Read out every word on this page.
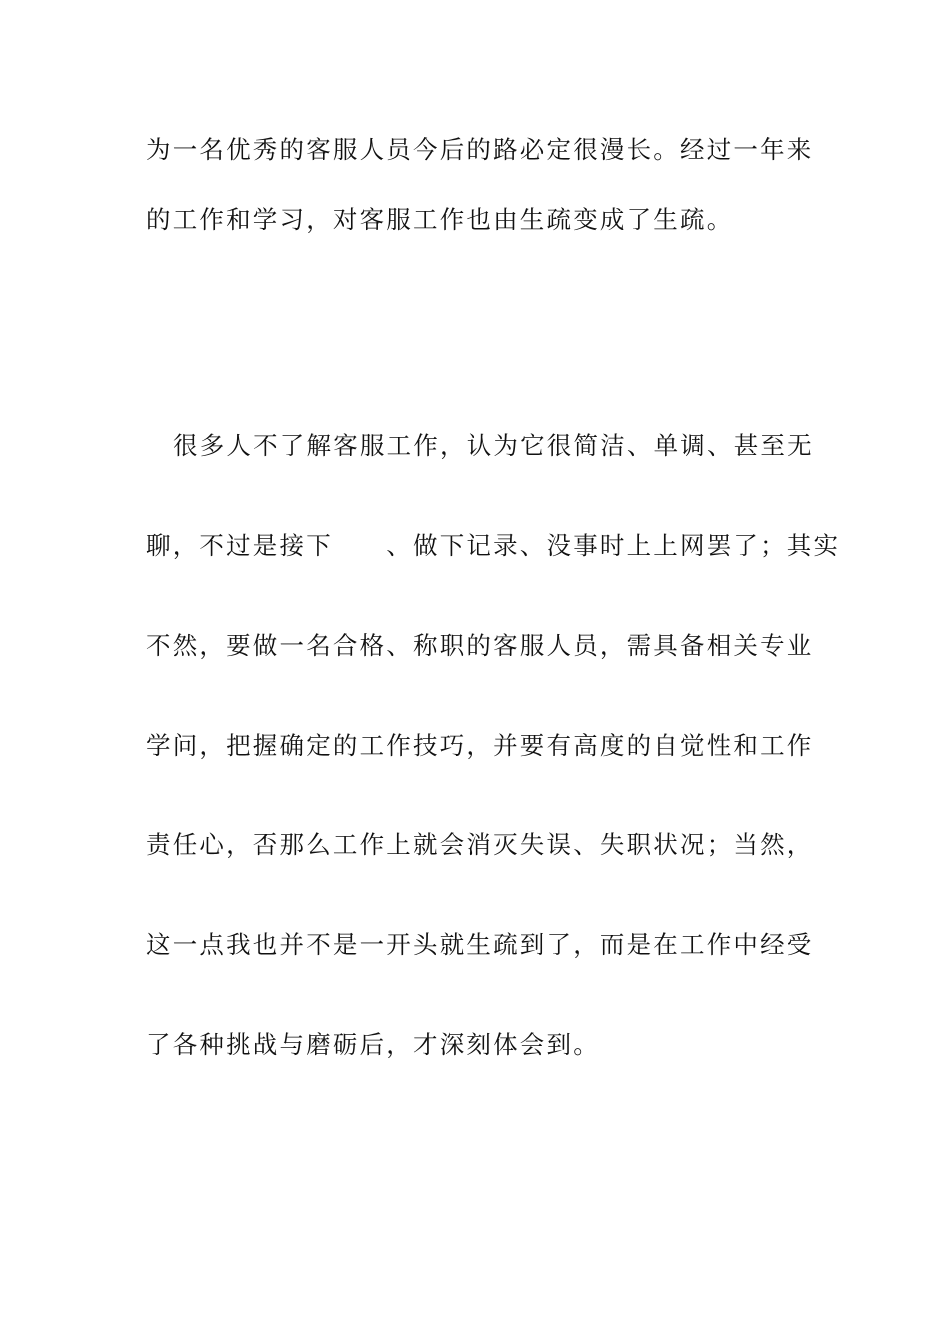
为一名优秀的客服人员今后的路必定很漫长。经过一年来
的工作和学习，对客服工作也由生疏变成了生疏。
很多人不了解客服工作，认为它很简洁、单调、甚至无
聊，不过是接下　　、做下记录、没事时上上网罢了；其实
不然，要做一名合格、称职的客服人员，需具备相关专业
学问，把握确定的工作技巧，并要有高度的自觉性和工作
责任心，否那么工作上就会消灭失误、失职状况；当然，
这一点我也并不是一开头就生疏到了，而是在工作中经受
了各种挑战与磨砺后，才深刻体会到。
